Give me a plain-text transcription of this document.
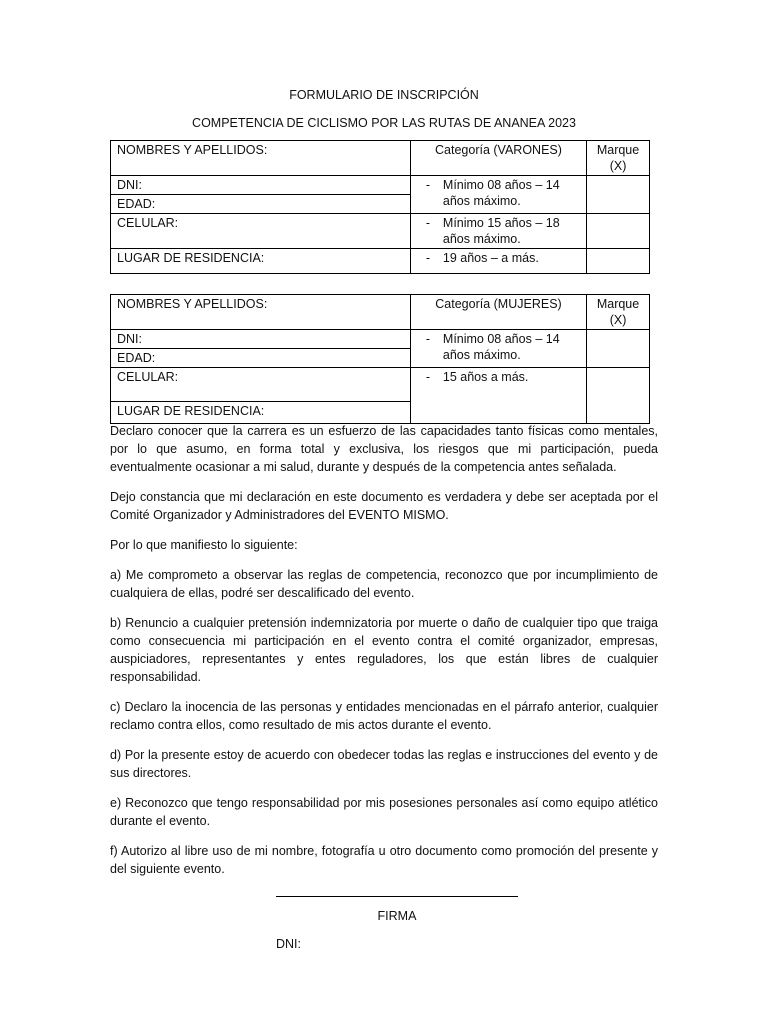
FORMULARIO DE INSCRIPCIÓN
COMPETENCIA DE CICLISMO POR LAS RUTAS DE ANANEA 2023
NOMBRES Y APELLIDOS:	Categoría (VARONES)	Marque (X)
DNI:	- Mínimo 08 años – 14 años máximo.	

EDAD:		
CELULAR:	- Mínimo 15 años – 18 años máximo.	

LUGAR DE RESIDENCIA:	- 19 años – a más.	

NOMBRES Y APELLIDOS:	Categoría (MUJERES)	Marque (X)
DNI:	- Mínimo 08 años – 14 años máximo.	

EDAD:		
CELULAR:	- 15 años a más.	

LUGAR DE RESIDENCIA:		

Declaro conocer que la carrera es un esfuerzo de las capacidades tanto físicas como mentales, por lo que asumo, en forma total y exclusiva, los riesgos que mi participación, pueda eventualmente ocasionar a mi salud, durante y después de la competencia antes señalada.

Dejo constancia que mi declaración en este documento es verdadera y debe ser aceptada por el Comité Organizador y Administradores del EVENTO MISMO.

Por lo que manifiesto lo siguiente:

a) Me comprometo a observar las reglas de competencia, reconozco que por incumplimiento de cualquiera de ellas, podré ser descalificado del evento.

b) Renuncio a cualquier pretensión indemnizatoria por muerte o daño de cualquier tipo que traiga como consecuencia mi participación en el evento contra el comité organizador, empresas, auspiciadores, representantes y entes reguladores, los que están libres de cualquier responsabilidad.

c) Declaro la inocencia de las personas y entidades mencionadas en el párrafo anterior, cualquier reclamo contra ellos, como resultado de mis actos durante el evento.

d) Por la presente estoy de acuerdo con obedecer todas las reglas e instrucciones del evento y de sus directores.

e) Reconozco que tengo responsabilidad por mis posesiones personales así como equipo atlético durante el evento.

f) Autorizo al libre uso de mi nombre, fotografía u otro documento como promoción del presente y del siguiente evento.

FIRMA
DNI:
